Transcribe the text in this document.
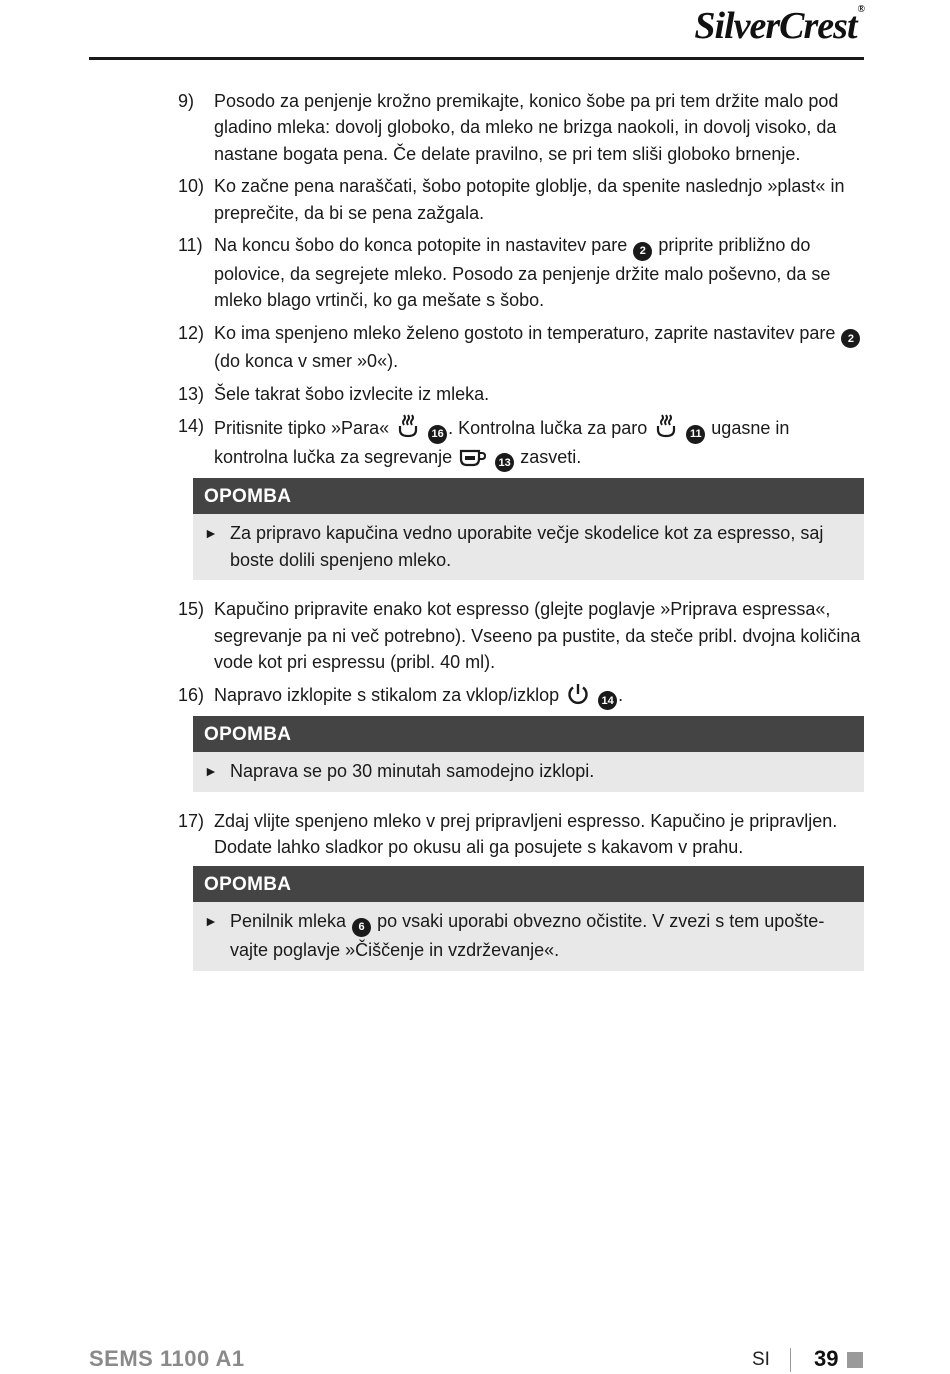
SilverCrest®
9)	Posodo za penjenje krožno premikajte, konico šobe pa pri tem držite malo pod gladino mleka: dovolj globoko, da mleko ne brizga naokoli, in dovolj visoko, da nastane bogata pena. Če delate pravilno, se pri tem sliši globoko brnenje.
10) Ko začne pena naraščati, šobo potopite globlje, da spenite naslednjo »plast« in preprečite, da bi se pena zažgala.
11) Na koncu šobo do konca potopite in nastavitev pare 2 priprite približno do polovice, da segrejete mleko. Posodo za penjenje držite malo poševno, da se mleko blago vrtinči, ko ga mešate s šobo.
12) Ko ima spenjeno mleko želeno gostoto in temperaturo, zaprite nastavitev pare 2 (do konca v smer »0«).
13) Šele takrat šobo izvlecite iz mleka.
14) Pritisnite tipko »Para«	16 . Kontrolna lučka za paro	11 ugasne in kontrolna lučka za segrevanje	13 zasveti.
OPOMBA
► Za pripravo kapučina vedno uporabite večje skodelice kot za espresso, saj boste dolili spenjeno mleko.
15) Kapučino pripravite enako kot espresso (glejte poglavje »Priprava espressa«, segrevanje pa ni več potrebno). Vseeno pa pustite, da steče pribl. dvojna količina vode kot pri espressu (pribl. 40 ml).
16) Napravo izklopite s stikalom za vklop/izklop	14 .
OPOMBA
► Naprava se po 30 minutah samodejno izklopi.
17) Zdaj vlijte spenjeno mleko v prej pripravljeni espresso. Kapučino je pripravljen. Dodate lahko sladkor po okusu ali ga posujete s kakavom v prahu.
OPOMBA
► Penilnik mleka 6 po vsaki uporabi obvezno očistite. V zvezi s tem upošte-vajte poglavje »Čiščenje in vzdrževanje«.
SEMS 1100 A1	SI 39
